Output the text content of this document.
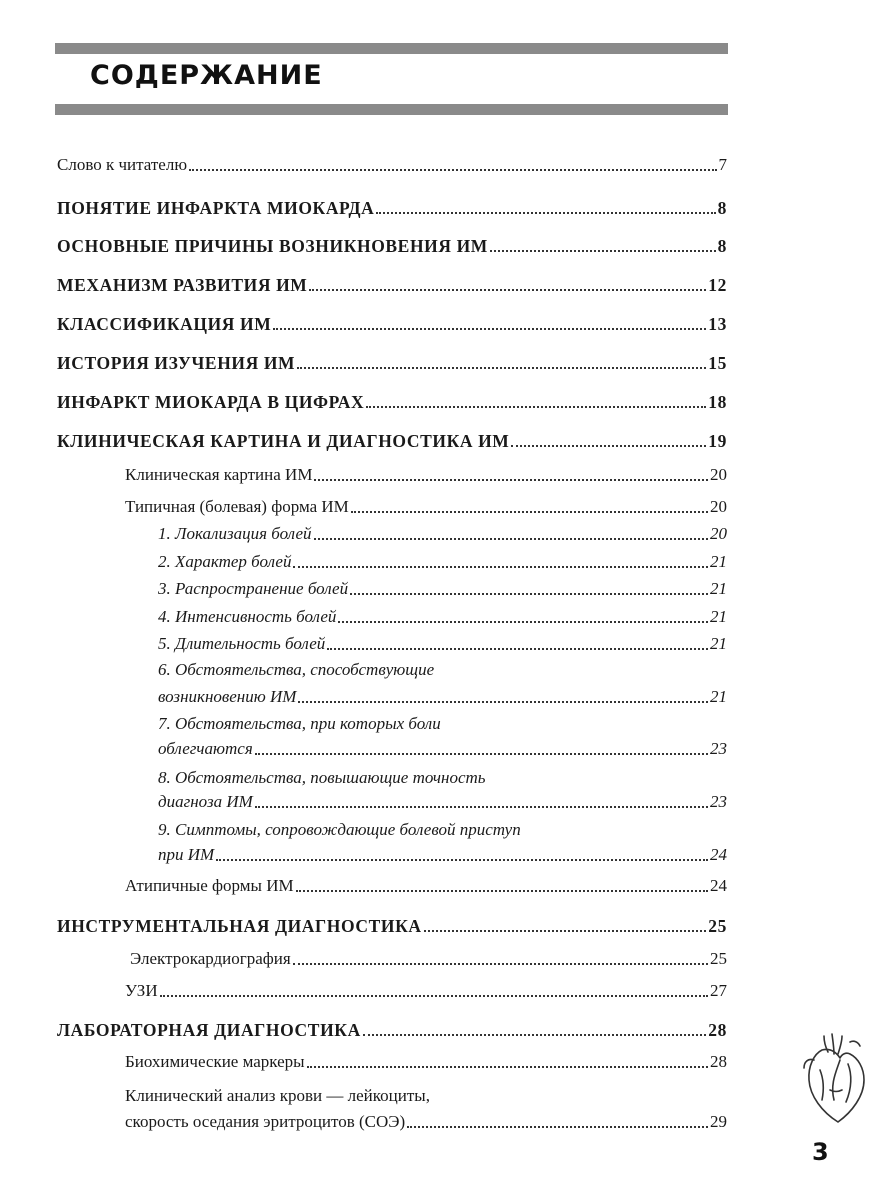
СОДЕРЖАНИЕ
Слово к читателю	7
ПОНЯТИЕ ИНФАРКТА МИОКАРДА	8
ОСНОВНЫЕ ПРИЧИНЫ ВОЗНИКНОВЕНИЯ ИМ	8
МЕХАНИЗМ РАЗВИТИЯ ИМ	12
КЛАССИФИКАЦИЯ ИМ	13
ИСТОРИЯ ИЗУЧЕНИЯ ИМ	15
ИНФАРКТ МИОКАРДА В ЦИФРАХ	18
КЛИНИЧЕСКАЯ КАРТИНА И ДИАГНОСТИКА ИМ	19
Клиническая картина ИМ	20
Типичная (болевая) форма ИМ	20
1. Локализация болей	20
2. Характер болей	21
3. Распространение болей	21
4. Интенсивность болей	21
5. Длительность болей	21
6. Обстоятельства, способствующие
возникновению ИМ	21
7. Обстоятельства, при которых боли
облегчаются	23
8. Обстоятельства, повышающие точность
диагноза ИМ	23
9. Симптомы, сопровождающие болевой приступ
при ИМ	24
Атипичные формы ИМ	24
ИНСТРУМЕНТАЛЬНАЯ ДИАГНОСТИКА	25
Электрокардиография	25
УЗИ	27
ЛАБОРАТОРНАЯ ДИАГНОСТИКА	28
Биохимические маркеры	28
Клинический анализ крови — лейкоциты,
скорость оседания эритроцитов (СОЭ)	29
3
